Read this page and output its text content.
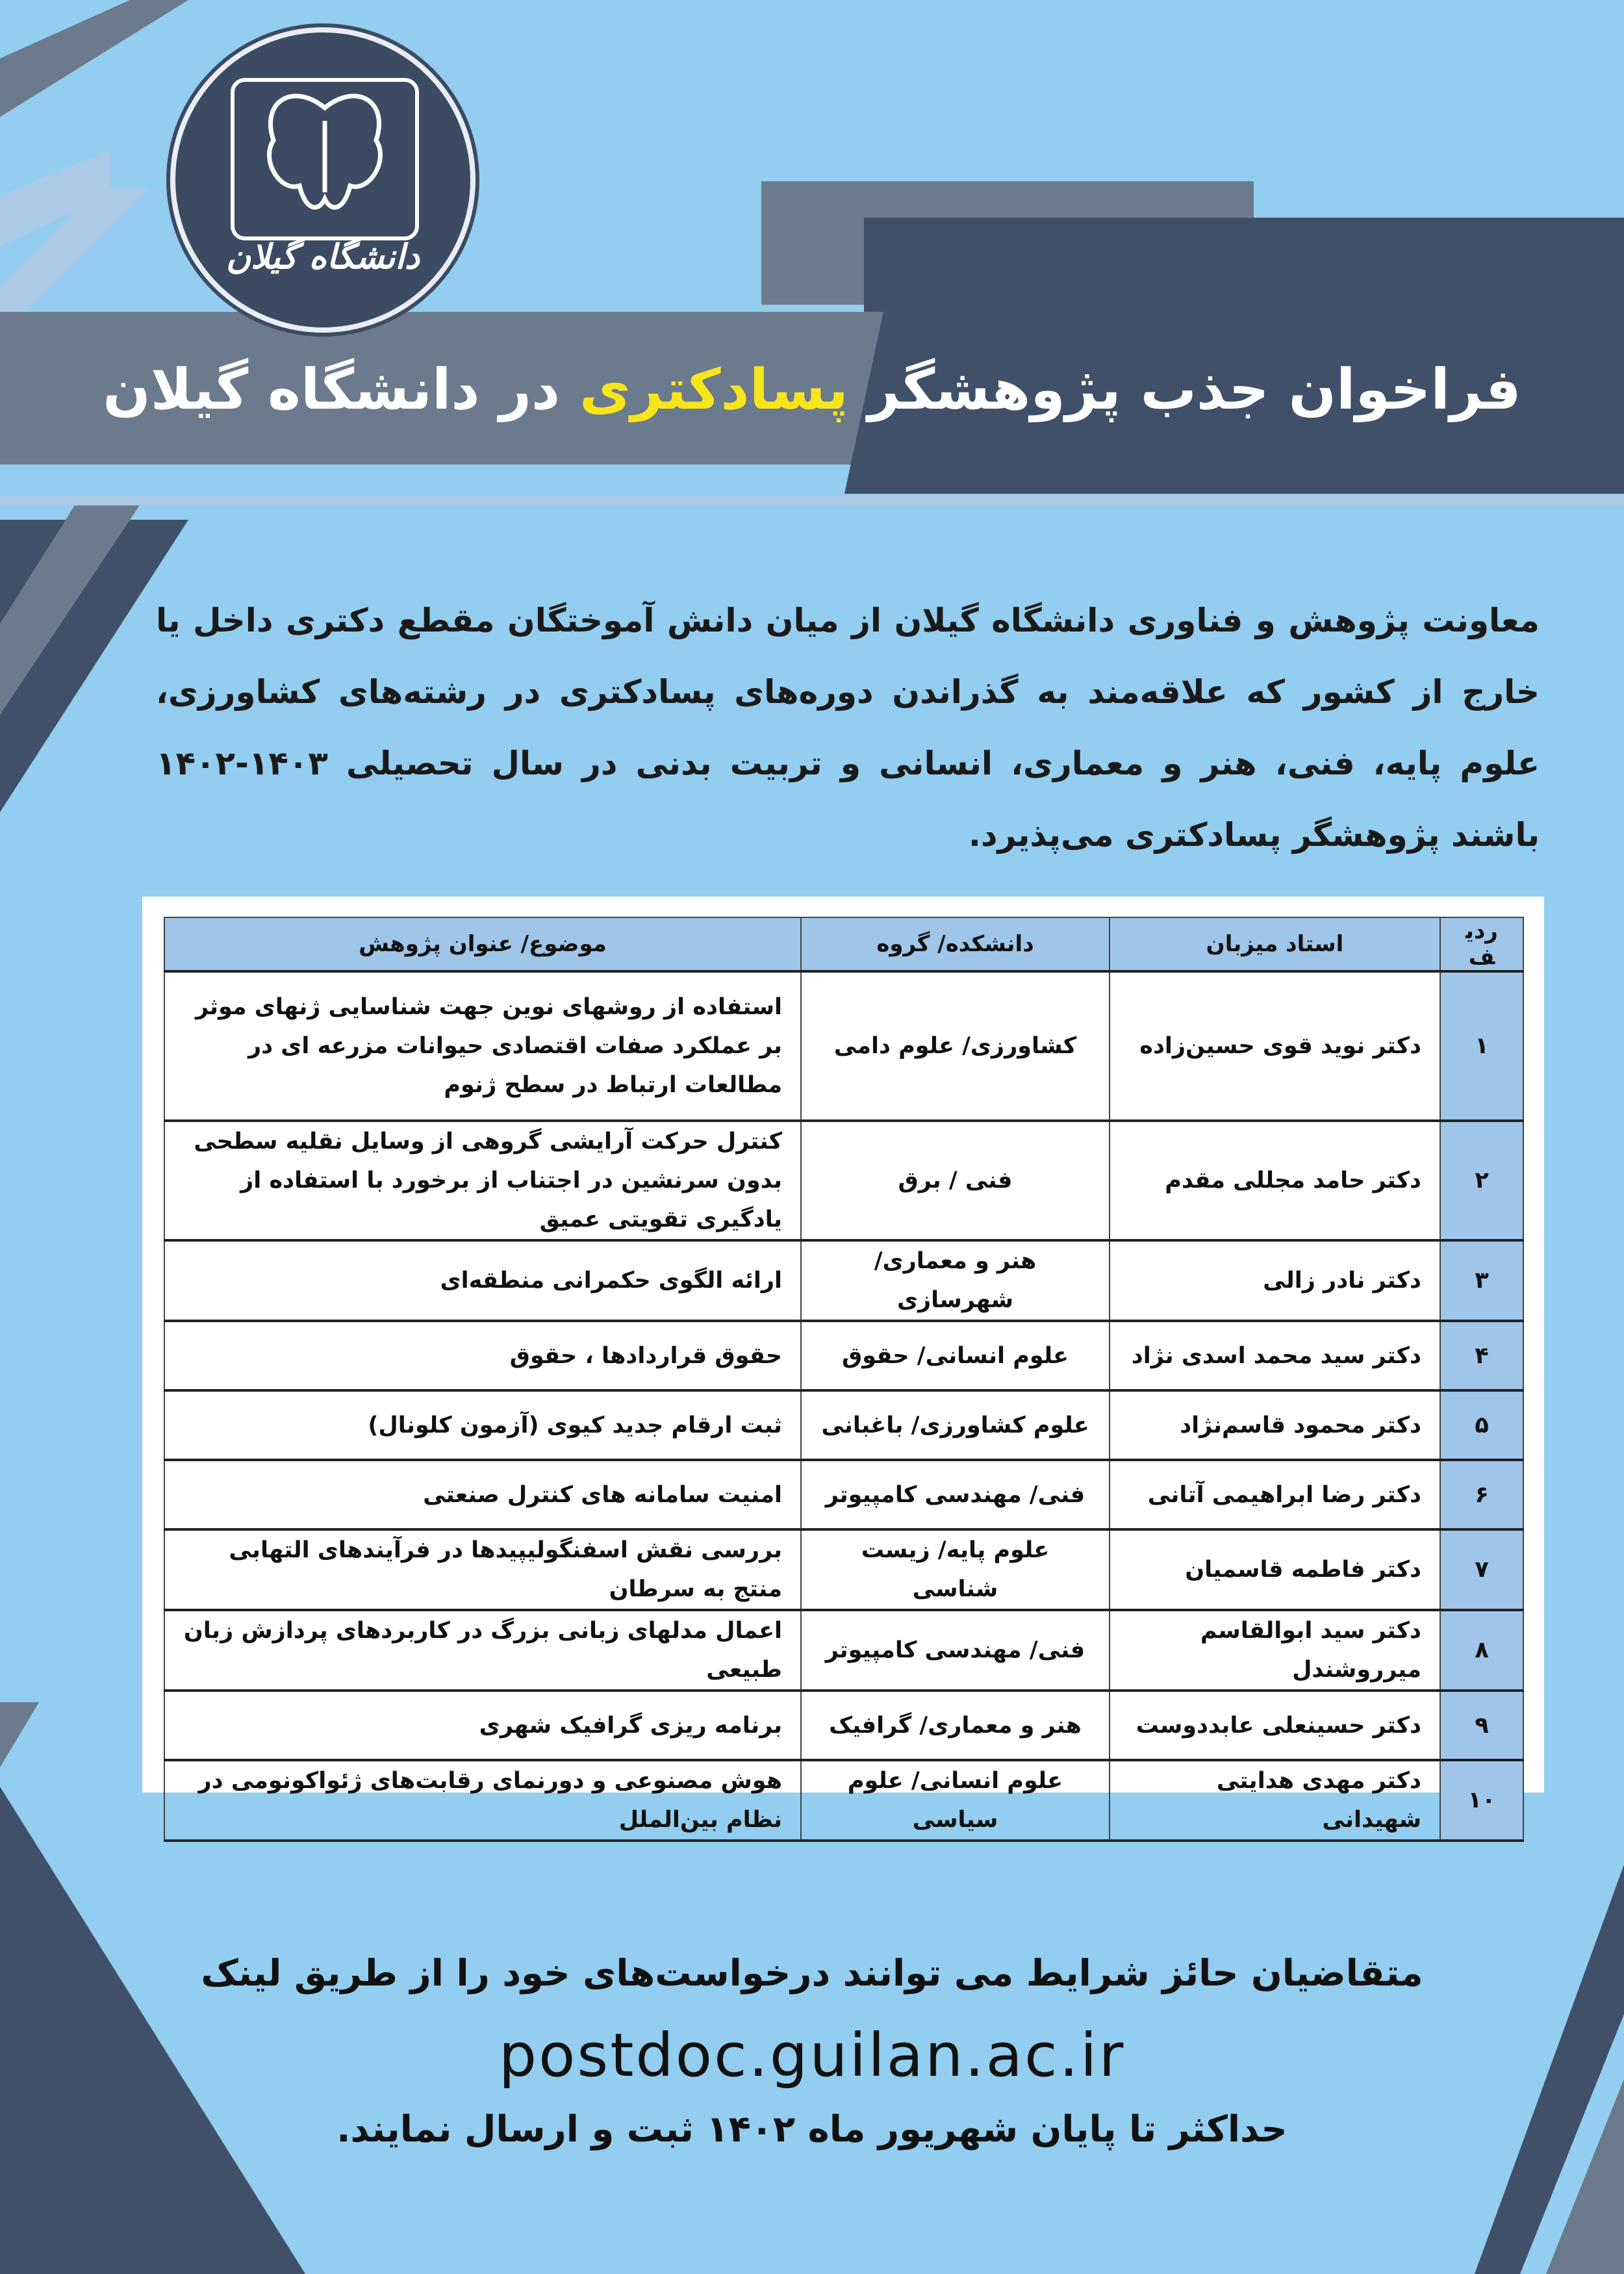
دانشگاه گیلان
فراخوان جذب پژوهشگر پسادکتری در دانشگاه گیلان
معاونت پژوهش و فناوری دانشگاه گیلان از میان دانش آموختگان مقطع دکتری داخل یا خارج از کشور که علاقه‌مند به گذراندن دوره‌های پسادکتری در رشته‌های کشاورزی، علوم پایه، فنی، هنر و معماری، انسانی و تربیت بدنی در سال تحصیلی ۱۴۰۳-۱۴۰۲ باشند پژوهشگر پسادکتری می‌پذیرد.
ردیف	استاد میزبان	دانشکده/ گروه	موضوع/ عنوان پژوهش
۱	دکتر نوید قوی حسین‌زاده	کشاورزی/ علوم دامی	استفاده از روشهای نوین جهت شناسایی ژنهای موثر بر عملکرد صفات اقتصادی حیوانات مزرعه ای در مطالعات ارتباط در سطح ژنوم
۲	دکتر حامد مجللی مقدم	فنی / برق	کنترل حرکت آرایشی گروهی از وسایل نقلیه سطحی بدون سرنشین در اجتناب از برخورد با استفاده از یادگیری تقویتی عمیق
۳	دکتر نادر زالی	هنر و معماری/ شهرسازی	ارائه الگوی حکمرانی منطقه‌ای
۴	دکتر سید محمد اسدی نژاد	علوم انسانی/ حقوق	حقوق قراردادها ، حقوق
۵	دکتر محمود قاسم‌نژاد	علوم کشاورزی/ باغبانی	ثبت ارقام جدید کیوی (آزمون کلونال)
۶	دکتر رضا ابراهیمی آتانی	فنی/ مهندسی کامپیوتر	امنیت سامانه های کنترل صنعتی
۷	دکتر فاطمه قاسمیان	علوم پایه/ زیست شناسی	بررسی نقش اسفنگولیپیدها در فرآیندهای التهابی منتج به سرطان
۸	دکتر سید ابوالقاسم میرروشندل	فنی/ مهندسی کامپیوتر	اعمال مدلهای زبانی بزرگ در کاربردهای پردازش زبان طبیعی
۹	دکتر حسینعلی عابددوست	هنر و معماری/ گرافیک	برنامه ریزی گرافیک شهری
۱۰	دکتر مهدی هدایتی شهیدانی	علوم انسانی/ علوم سیاسی	هوش مصنوعی و دورنمای رقابت‌های ژئواکونومی در نظام بین‌الملل
متقاضیان حائز شرایط می توانند درخواست‌های خود را از طریق لینک
postdoc.guilan.ac.ir
حداکثر تا پایان شهریور ماه ۱۴۰۲ ثبت و ارسال نمایند.
